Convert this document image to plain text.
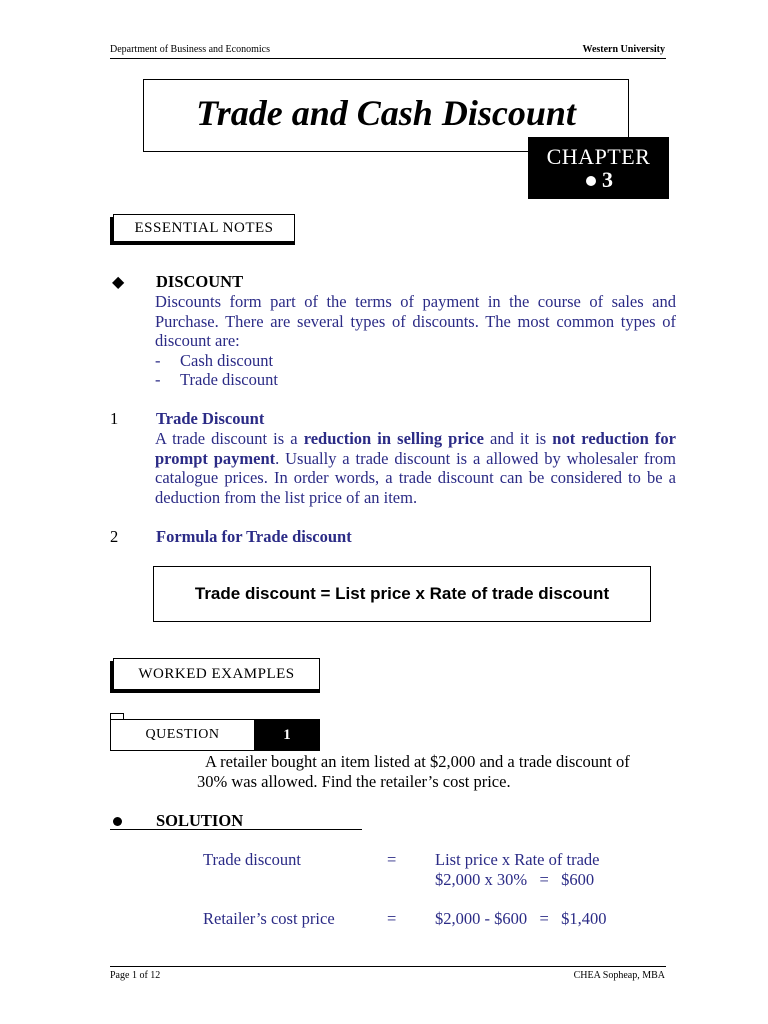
Department of Business and Economics	Western University
Trade and Cash Discount
CHAPTER
3
ESSENTIAL NOTES
◆ DISCOUNT
Discounts form part of the terms of payment in the course of sales and Purchase. There are several types of discounts. The most common types of discount are:
- Cash discount
- Trade discount
1 Trade Discount
A trade discount is a reduction in selling price and it is not reduction for prompt payment. Usually a trade discount is a allowed by wholesaler from catalogue prices. In order words, a trade discount can be considered to be a deduction from the list price of an item.
2 Formula for Trade discount
Trade discount = List price x Rate of trade discount
WORKED EXAMPLES
QUESTION	1
A retailer bought an item listed at $2,000 and a trade discount of
30% was allowed. Find the retailer’s cost price.
SOLUTION
Trade discount	= List price x Rate of trade
$2,000 x 30%   =   $600
Retailer’s cost price	= $2,000 - $600   =   $1,400
Page 1 of 12	CHEA Sopheap, MBA
